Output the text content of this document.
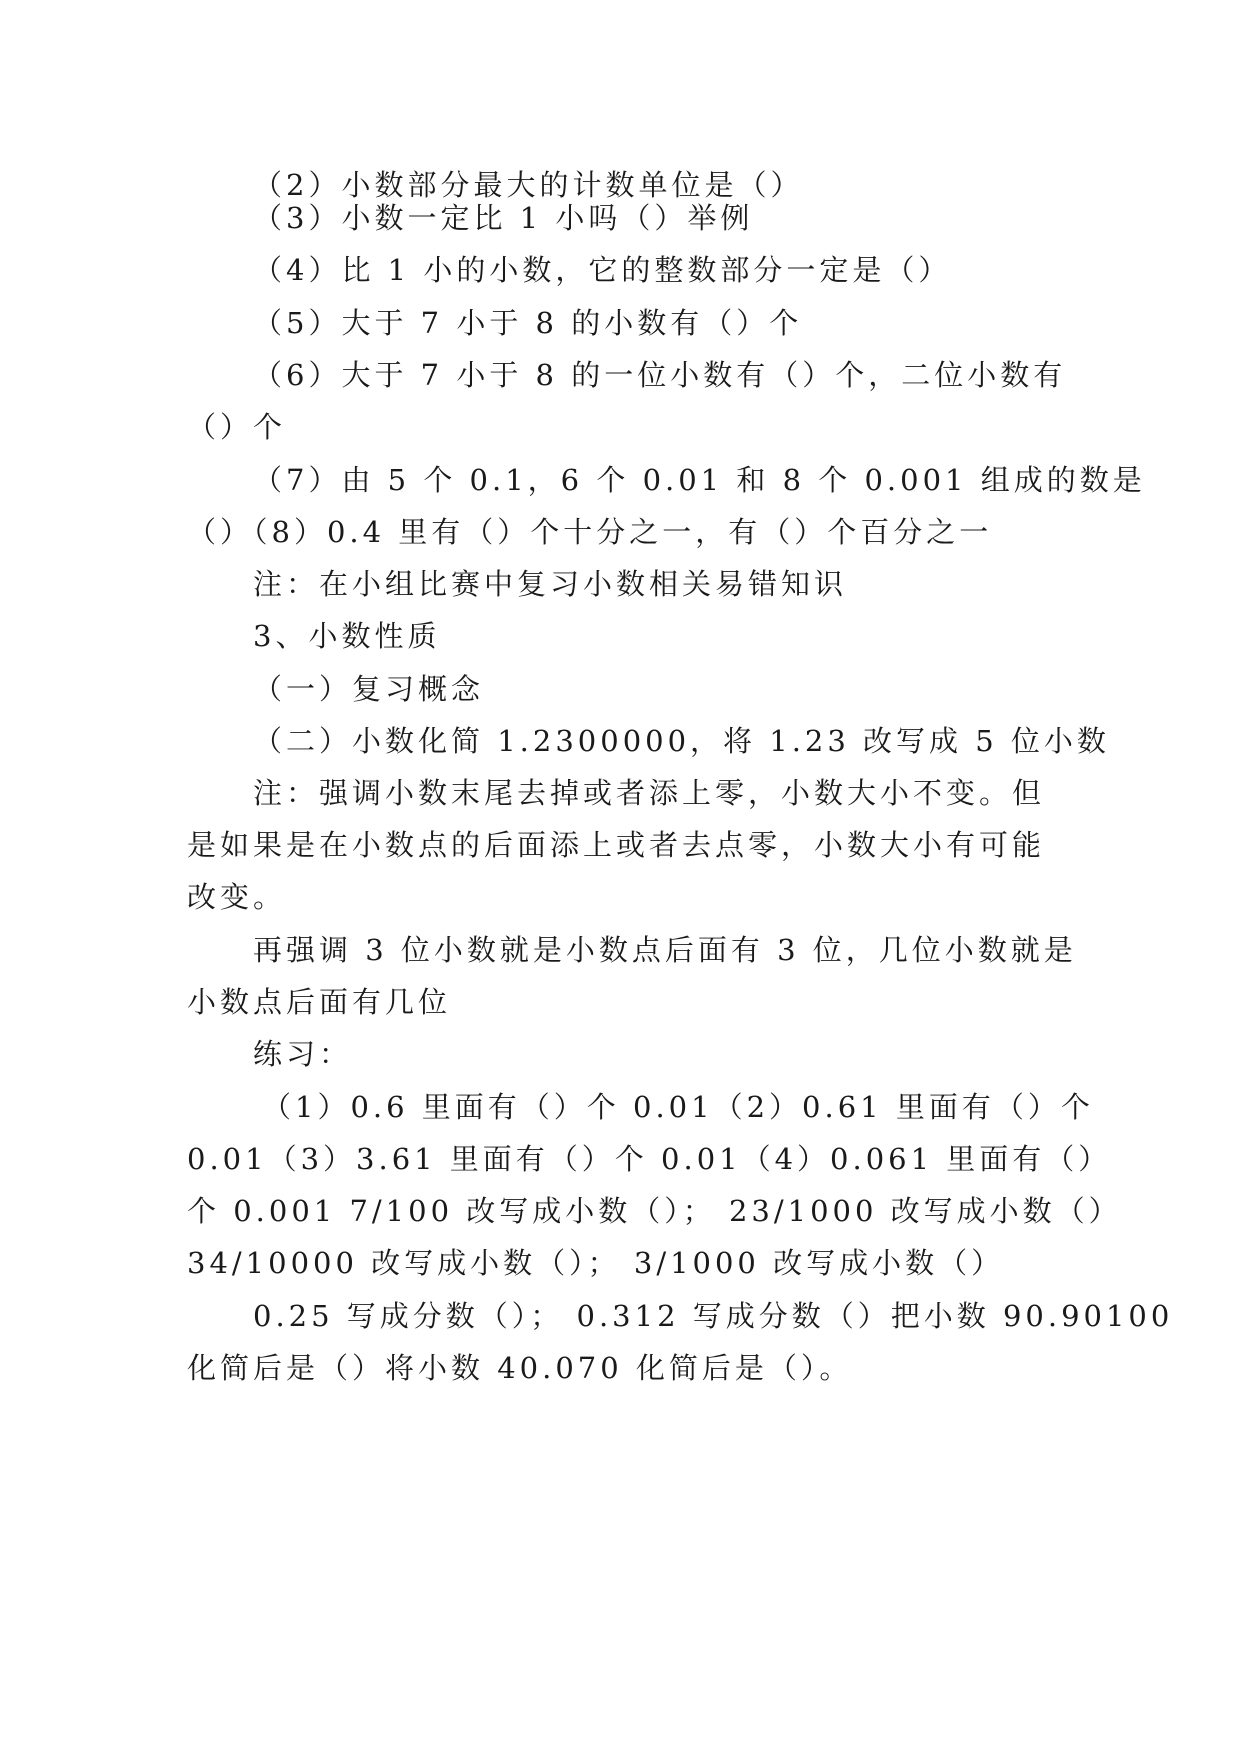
（2）小数部分最大的计数单位是（）
（3）小数一定比 1 小吗（）举例
（4）比 1 小的小数，它的整数部分一定是（）
（5）大于 7 小于 8 的小数有（）个
（6）大于 7 小于 8 的一位小数有（）个，二位小数有
（）个
（7）由 5 个 0.1，6 个 0.01 和 8 个 0.001 组成的数是
（）（8）0.4 里有（）个十分之一，有（）个百分之一
注：在小组比赛中复习小数相关易错知识
3、小数性质
（一）复习概念
（二）小数化简 1.2300000，将 1.23 改写成 5 位小数
注：强调小数末尾去掉或者添上零，小数大小不变。但
是如果是在小数点的后面添上或者去点零，小数大小有可能
改变。
再强调 3 位小数就是小数点后面有 3 位，几位小数就是
小数点后面有几位
练习：
（1）0.6 里面有（）个 0.01（2）0.61 里面有（）个
0.01（3）3.61 里面有（）个 0.01（4）0.061 里面有（）
个 0.001 7/100 改写成小数（）； 23/1000 改写成小数（）
34/10000 改写成小数（）； 3/1000 改写成小数（）
0.25 写成分数（）； 0.312 写成分数（）把小数 90.90100
化简后是（）将小数 40.070 化简后是（）。
